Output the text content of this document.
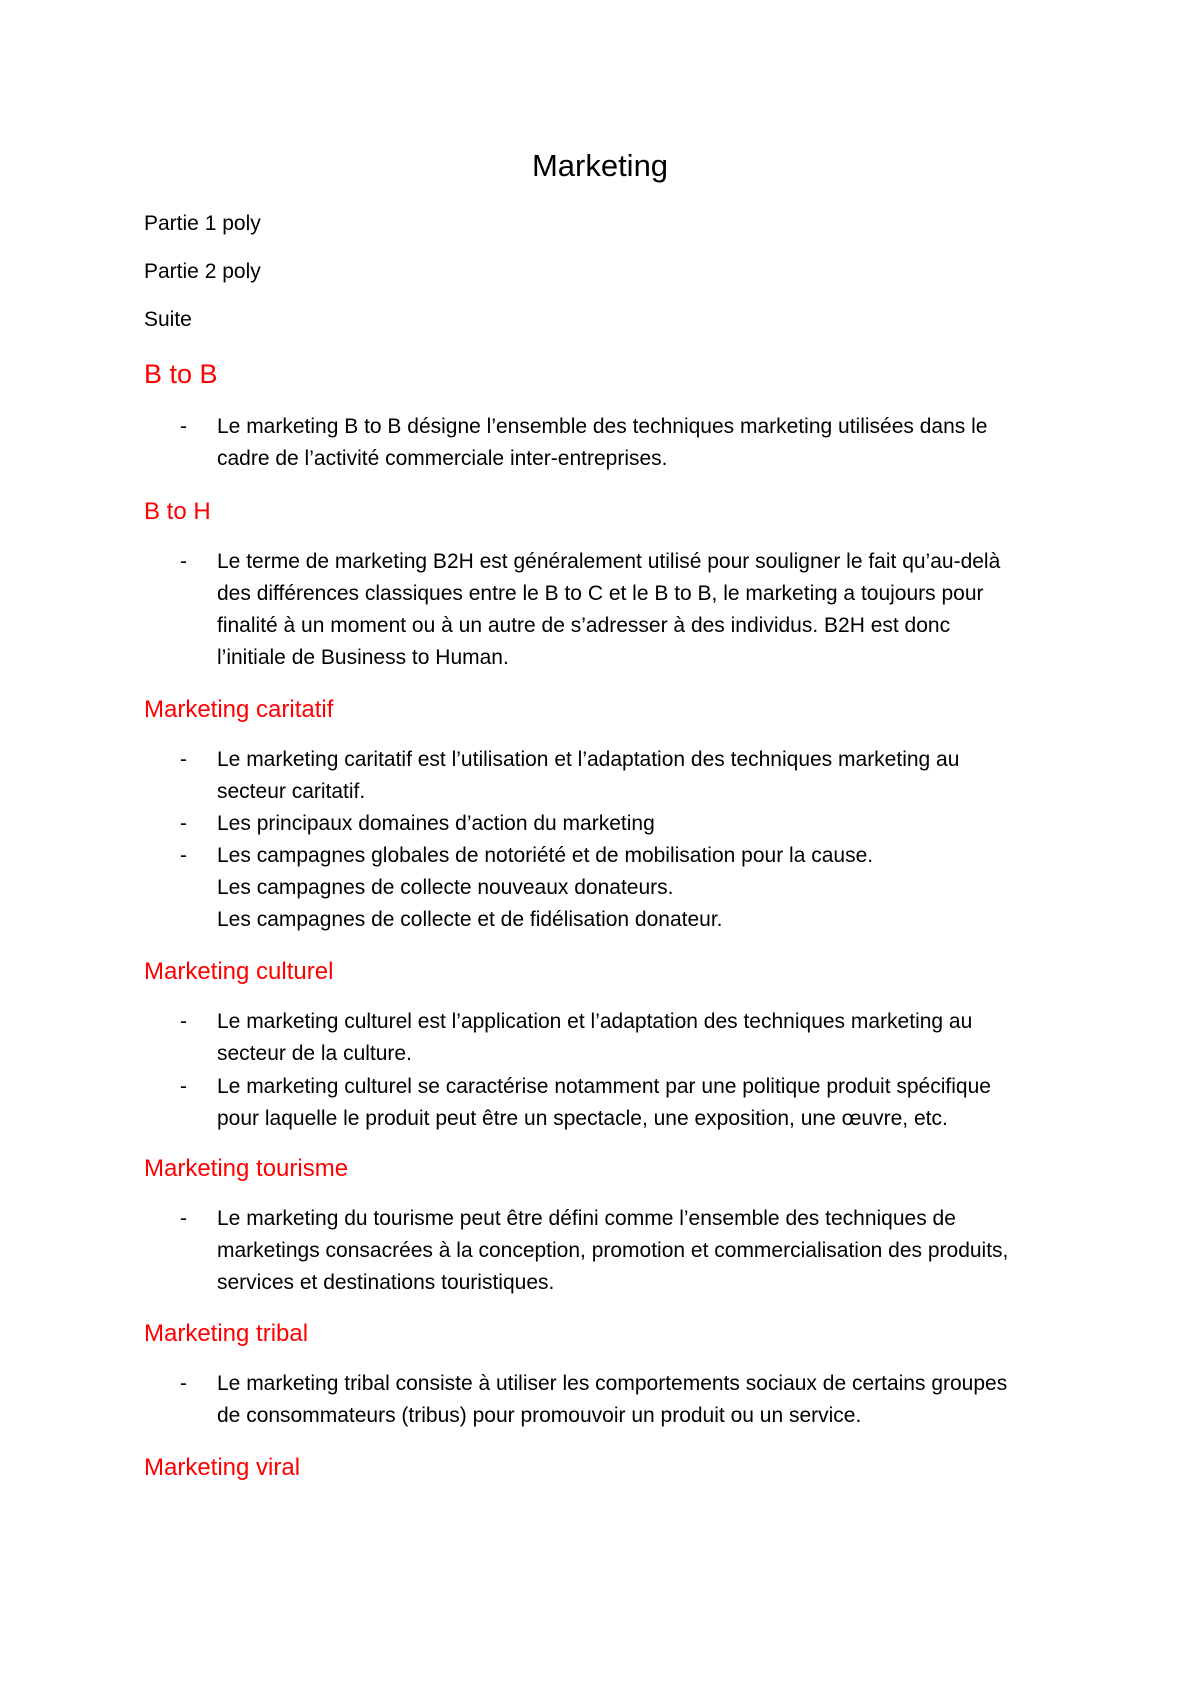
Marketing

Partie 1 poly

Partie 2 poly

Suite

B to B
- Le marketing B to B désigne l’ensemble des techniques marketing utilisées dans le
cadre de l’activité commerciale inter-entreprises.
B to H
- Le terme de marketing B2H est généralement utilisé pour souligner le fait qu’au-delà
des différences classiques entre le B to C et le B to B, le marketing a toujours pour
finalité à un moment ou à un autre de s’adresser à des individus. B2H est donc
l’initiale de Business to Human.
Marketing caritatif
- Le marketing caritatif est l’utilisation et l’adaptation des techniques marketing au
secteur caritatif.
- Les principaux domaines d’action du marketing
- Les campagnes globales de notoriété et de mobilisation pour la cause.
Les campagnes de collecte nouveaux donateurs.
Les campagnes de collecte et de fidélisation donateur.
Marketing culturel
- Le marketing culturel est l’application et l’adaptation des techniques marketing au
secteur de la culture.
- Le marketing culturel se caractérise notamment par une politique produit spécifique
pour laquelle le produit peut être un spectacle, une exposition, une œuvre, etc.
Marketing tourisme
- Le marketing du tourisme peut être défini comme l’ensemble des techniques de
marketings consacrées à la conception, promotion et commercialisation des produits,
services et destinations touristiques.
Marketing tribal
- Le marketing tribal consiste à utiliser les comportements sociaux de certains groupes
de consommateurs (tribus) pour promouvoir un produit ou un service.
Marketing viral
